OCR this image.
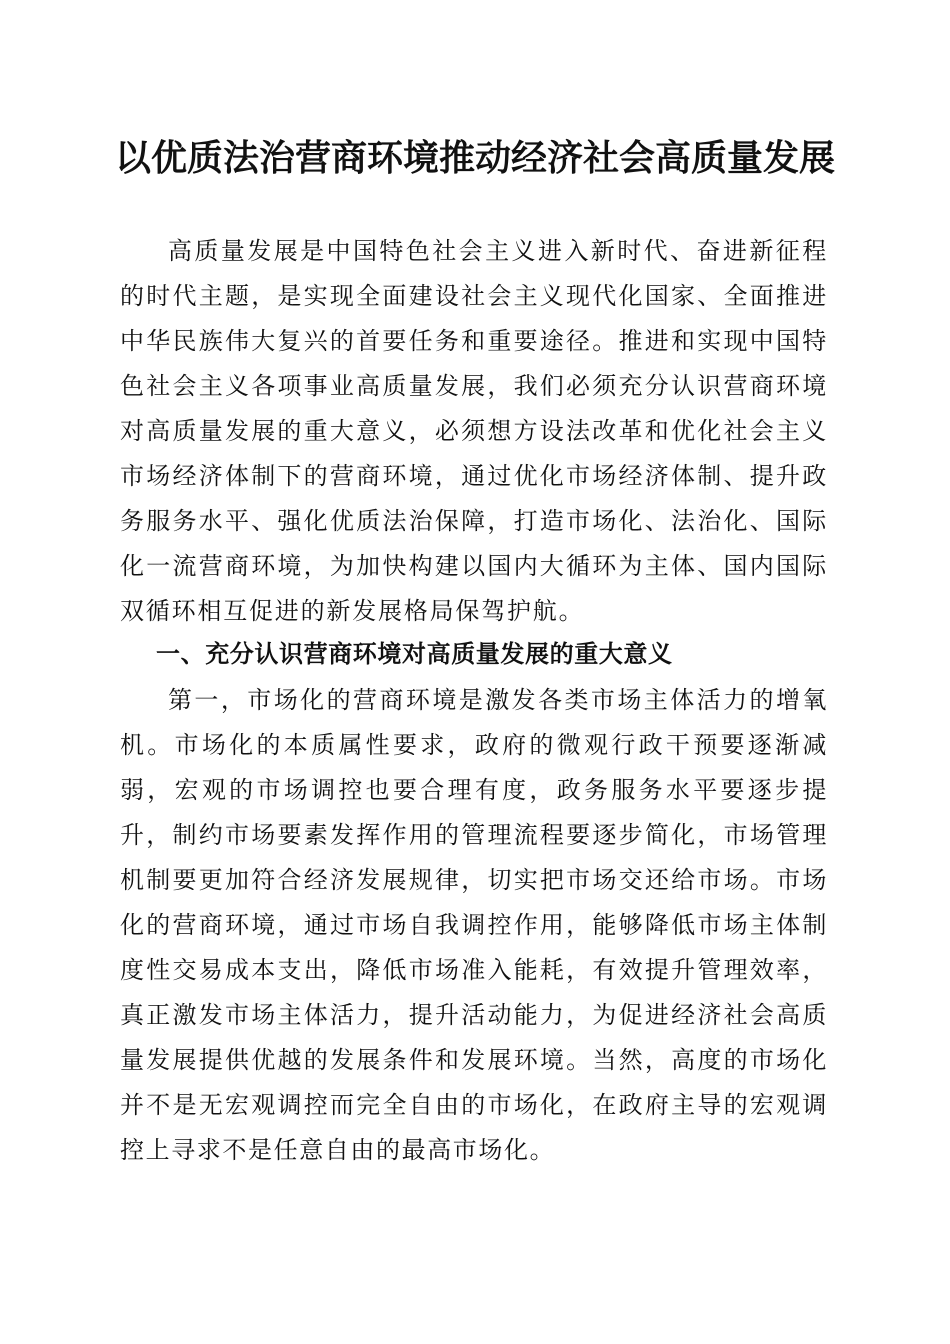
以优质法治营商环境推动经济社会高质量发展

高质量发展是中国特色社会主义进入新时代、奋进新征程的时代主题，是实现全面建设社会主义现代化国家、全面推进中华民族伟大复兴的首要任务和重要途径。推进和实现中国特色社会主义各项事业高质量发展，我们必须充分认识营商环境对高质量发展的重大意义，必须想方设法改革和优化社会主义市场经济体制下的营商环境，通过优化市场经济体制、提升政务服务水平、强化优质法治保障，打造市场化、法治化、国际化一流营商环境，为加快构建以国内大循环为主体、国内国际双循环相互促进的新发展格局保驾护航。

一、充分认识营商环境对高质量发展的重大意义

第一，市场化的营商环境是激发各类市场主体活力的增氧机。市场化的本质属性要求，政府的微观行政干预要逐渐减弱，宏观的市场调控也要合理有度，政务服务水平要逐步提升，制约市场要素发挥作用的管理流程要逐步简化，市场管理机制要更加符合经济发展规律，切实把市场交还给市场。市场化的营商环境，通过市场自我调控作用，能够降低市场主体制度性交易成本支出，降低市场准入能耗，有效提升管理效率，真正激发市场主体活力，提升活动能力，为促进经济社会高质量发展提供优越的发展条件和发展环境。当然，高度的市场化并不是无宏观调控而完全自由的市场化，在政府主导的宏观调控上寻求不是任意自由的最高市场化。
